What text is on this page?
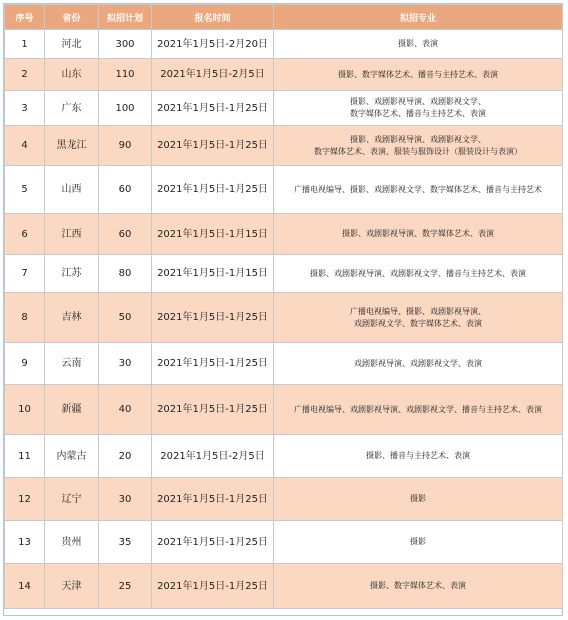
序号	省份	拟招计划	报名时间	拟招专业
1	河北	300	2021年1月5日-2月20日	摄影、表演

2	山东	110	2021年1月5日-2月5日	摄影、数字媒体艺术、播音与主持艺术、表演

3	广东	100	2021年1月5日-1月25日	摄影、戏剧影视导演、戏剧影视文学、
数字媒体艺术、播音与主持艺术、表演

4	黑龙江	90	2021年1月5日-1月25日	摄影、戏剧影视导演、戏剧影视文学、
数字媒体艺术、表演、服装与服饰设计（服装设计与表演）

5	山西	60	2021年1月5日-1月25日	广播电视编导、摄影、戏剧影视文学、数字媒体艺术、播音与主持艺术

6	江西	60	2021年1月5日-1月15日	摄影、戏剧影视导演、数字媒体艺术、表演

7	江苏	80	2021年1月5日-1月15日	摄影、戏剧影视导演、戏剧影视文学、播音与主持艺术、表演

8	吉林	50	2021年1月5日-1月25日	广播电视编导、摄影、戏剧影视导演、
戏剧影视文学、数字媒体艺术、表演

9	云南	30	2021年1月5日-1月25日	戏剧影视导演、戏剧影视文学、表演

10	新疆	40	2021年1月5日-1月25日	广播电视编导、戏剧影视导演、戏剧影视文学、播音与主持艺术、表演

11	内蒙古	20	2021年1月5日-2月5日	摄影、播音与主持艺术、表演

12	辽宁	30	2021年1月5日-1月25日	摄影

13	贵州	35	2021年1月5日-1月25日	摄影

14	天津	25	2021年1月5日-1月25日	摄影、数字媒体艺术、表演
